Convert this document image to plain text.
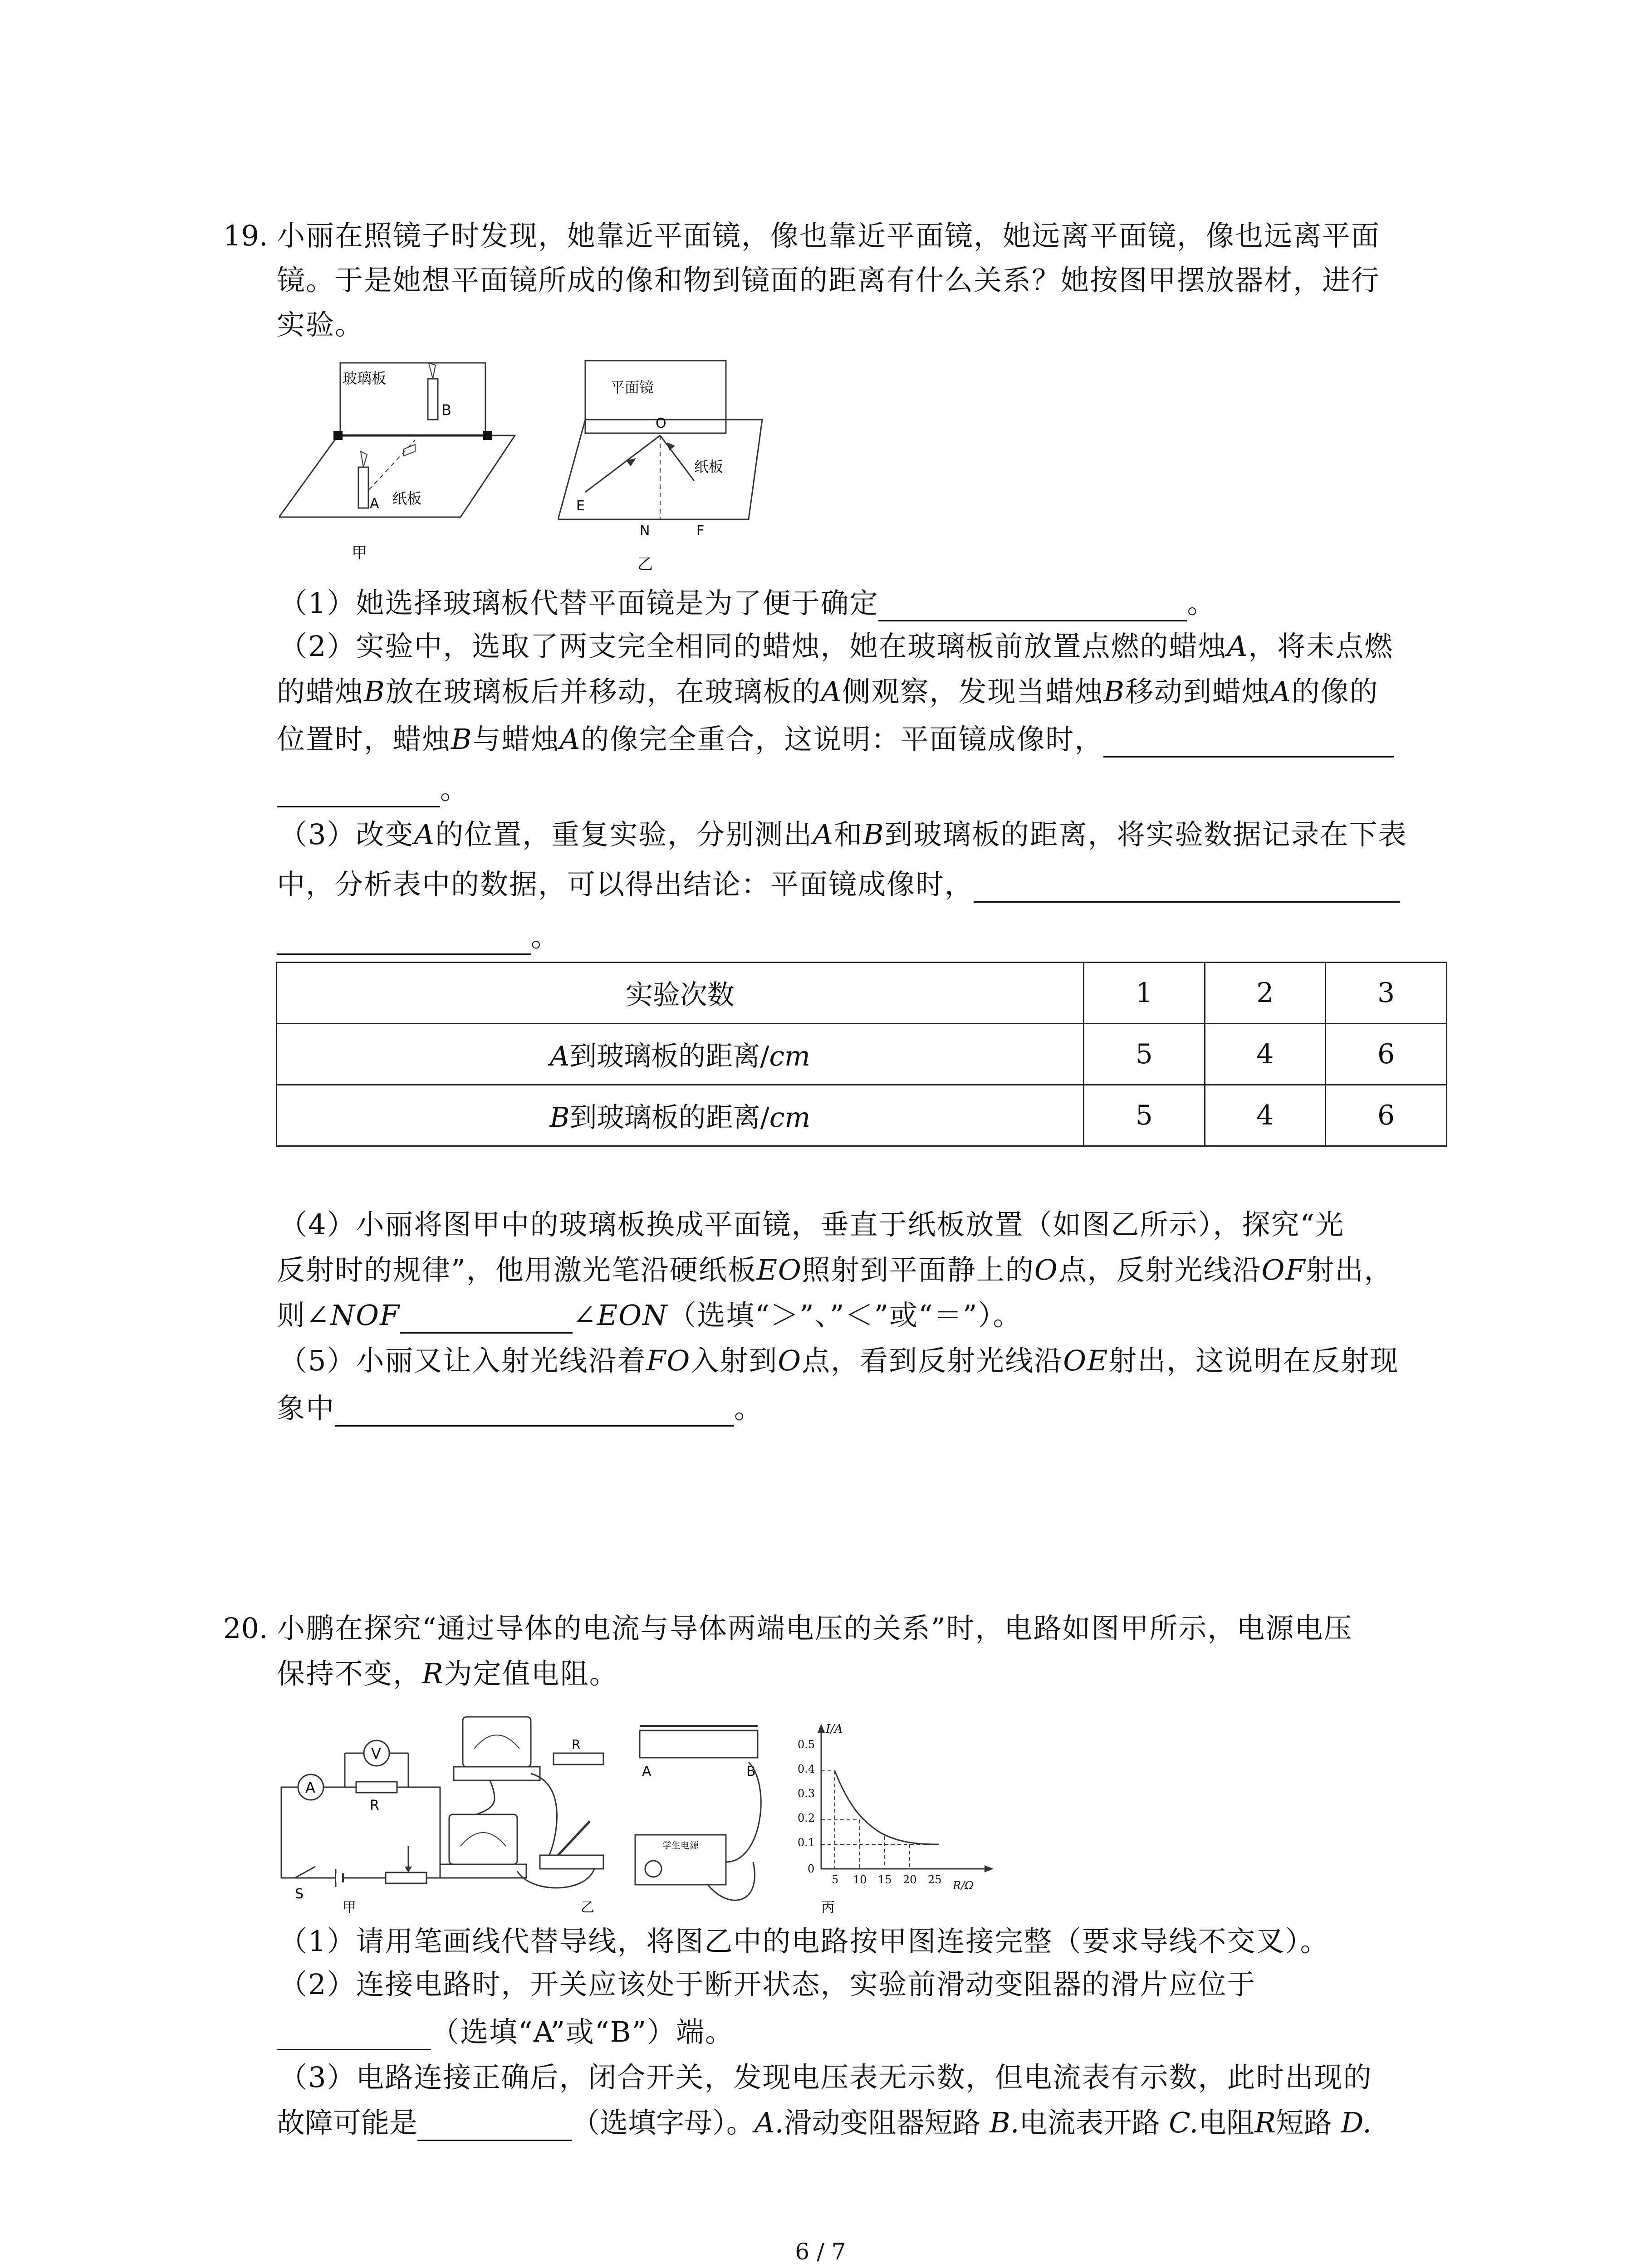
19. 小丽在照镜子时发现，她靠近平面镜，像也靠近平面镜，她远离平面镜，像也远离平面
镜。于是她想平面镜所成的像和物到镜面的距离有什么关系？她按图甲摆放器材，进行
实验。
玻璃板
B
A 纸板
甲
平面镜
O
纸板
E
N	F
乙
（1）她选择玻璃板代替平面镜是为了便于确定	。
（2）实验中，选取了两支完全相同的蜡烛，她在玻璃板前放置点燃的蜡烛A，将未点燃
的蜡烛B放在玻璃板后并移动，在玻璃板的A侧观察，发现当蜡烛B移动到蜡烛A的像的
位置时，蜡烛B与蜡烛A的像完全重合，这说明：平面镜成像时，
。
（3）改变A的位置，重复实验，分别测出A和B到玻璃板的距离，将实验数据记录在下表
中，分析表中的数据，可以得出结论：平面镜成像时，
。
实验次数	1	2	3
A到玻璃板的距离/cm	5	4	6
B到玻璃板的距离/cm	5	4	6
（4）小丽将图甲中的玻璃板换成平面镜，垂直于纸板放置（如图乙所示），探究“光
反射时的规律”，他用激光笔沿硬纸板EO照射到平面静上的O点，反射光线沿OF射出，
则∠NOF	∠EON（选填“＞”、”＜”或“＝”）。
（5）小丽又让入射光线沿着FO入射到O点，看到反射光线沿OE射出，这说明在反射现
象中	。
20. 小鹏在探究“通过导体的电流与导体两端电压的关系”时，电路如图甲所示，电源电压
保持不变，R为定值电阻。
A
V
R
S
甲
R
A	B
学生电源
乙
I/A
R/Ω
0.5
0.4
0.3
0.2
0.1
0
5 10 15 20 25
丙
（1）请用笔画线代替导线，将图乙中的电路按甲图连接完整（要求导线不交叉）。
（2）连接电路时，开关应该处于断开状态，实验前滑动变阻器的滑片应位于
（选填“A”或“B”）端。
（3）电路连接正确后，闭合开关，发现电压表无示数，但电流表有示数，此时出现的
故障可能是	（选填字母）。A.滑动变阻器短路 B.电流表开路 C.电阻R短路 D.
6 / 7
